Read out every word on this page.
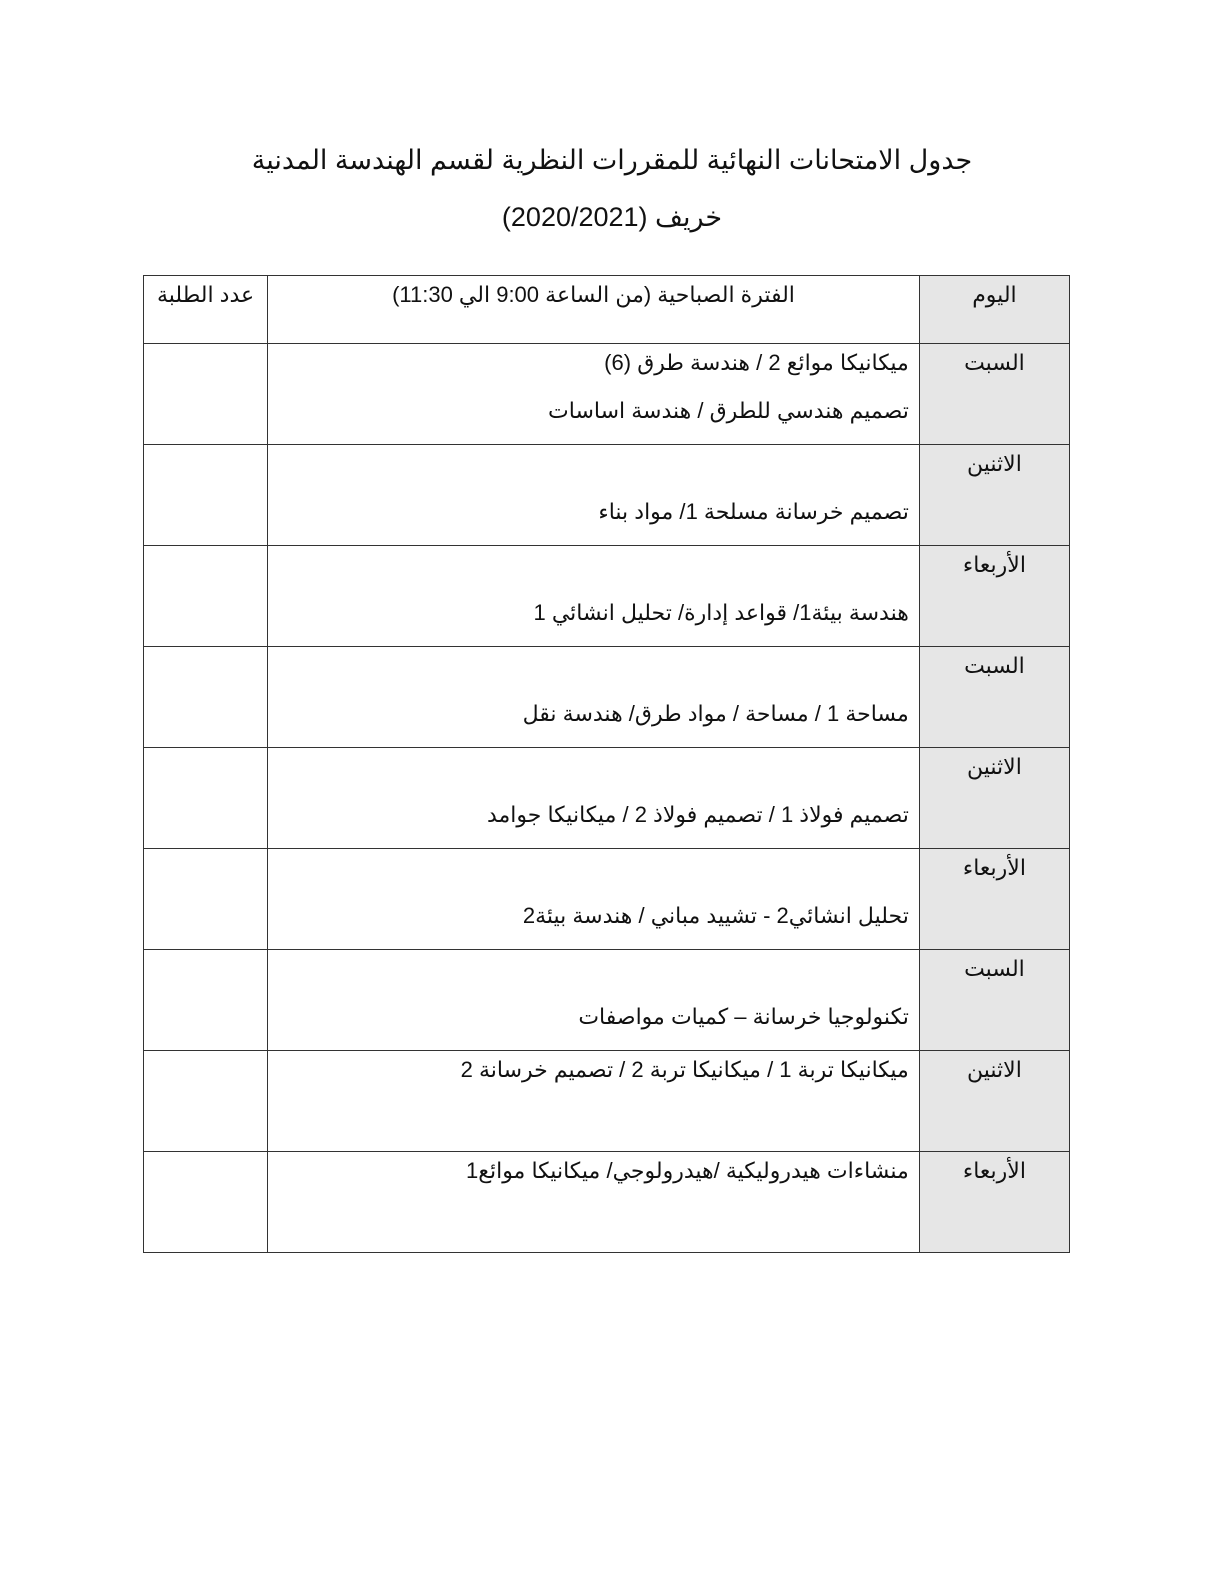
جدول الامتحانات النهائية للمقررات النظرية لقسم الهندسة المدنية
خريف (2020/2021)
اليوم	الفترة الصباحية (من الساعة 9:00 الي 11:30)	عدد الطلبة
السبت	ميكانيكا موائع 2 / هندسة طرق (6)
تصميم هندسي للطرق / هندسة اساسات	

الاثنين	تصميم خرسانة مسلحة 1/ مواد بناء	

الأربعاء	هندسة بيئة1/ قواعد إدارة/ تحليل انشائي 1	

السبت	مساحة 1 / مساحة / مواد طرق/ هندسة نقل	

الاثنين	تصميم فولاذ 1 / تصميم فولاذ 2 / ميكانيكا جوامد	

الأربعاء	تحليل انشائي2 - تشييد مباني / هندسة بيئة2	

السبت	تكنولوجيا خرسانة – كميات مواصفات	

الاثنين	ميكانيكا تربة 1 / ميكانيكا تربة 2 / تصميم خرسانة 2	

الأربعاء	منشاءات هيدروليكية /هيدرولوجي/ ميكانيكا موائع1	
